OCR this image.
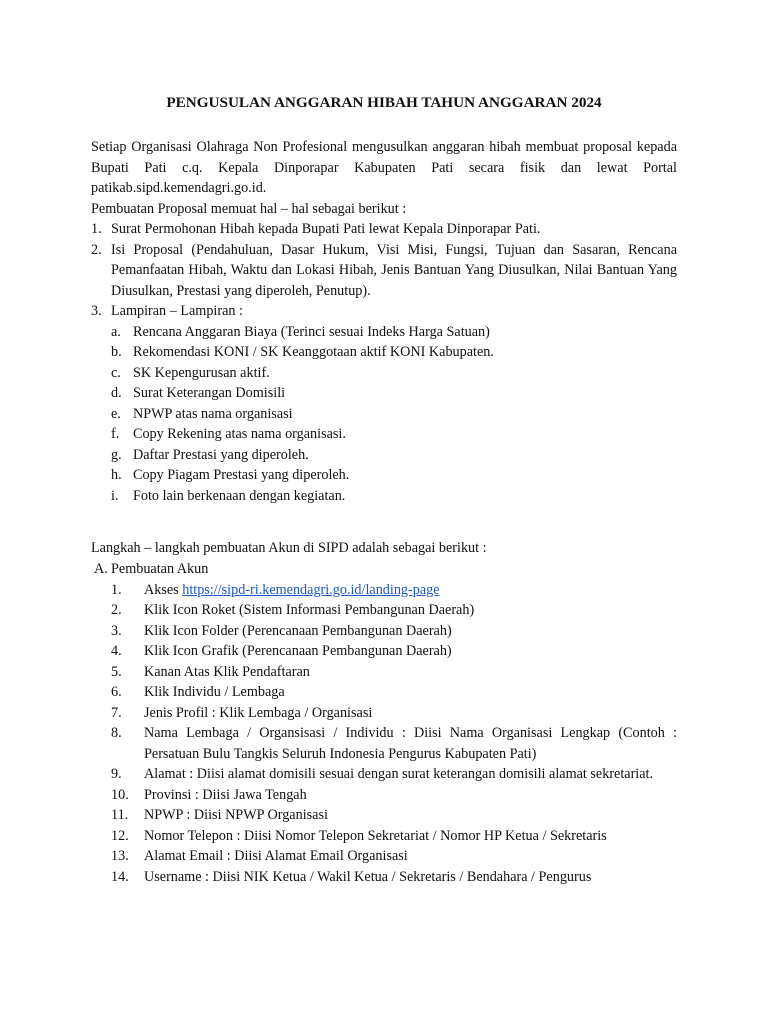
PENGUSULAN ANGGARAN HIBAH TAHUN ANGGARAN 2024
Setiap Organisasi Olahraga Non Profesional mengusulkan anggaran hibah membuat proposal kepada Bupati Pati c.q. Kepala Dinporapar Kabupaten Pati secara fisik dan lewat Portal patikab.sipd.kemendagri.go.id.
Pembuatan Proposal memuat hal – hal sebagai berikut :
1. Surat Permohonan Hibah kepada Bupati Pati lewat Kepala Dinporapar Pati.
2. Isi Proposal (Pendahuluan, Dasar Hukum, Visi Misi, Fungsi, Tujuan dan Sasaran, Rencana Pemanfaatan Hibah, Waktu dan Lokasi Hibah, Jenis Bantuan Yang Diusulkan, Nilai Bantuan Yang Diusulkan, Prestasi yang diperoleh, Penutup).
3. Lampiran – Lampiran :
a. Rencana Anggaran Biaya (Terinci sesuai Indeks Harga Satuan)
b. Rekomendasi KONI / SK Keanggotaan aktif KONI Kabupaten.
c. SK Kepengurusan aktif.
d. Surat Keterangan Domisili
e. NPWP atas nama organisasi
f. Copy Rekening atas nama organisasi.
g. Daftar Prestasi yang diperoleh.
h. Copy Piagam Prestasi yang diperoleh.
i. Foto lain berkenaan dengan kegiatan.
Langkah – langkah pembuatan Akun di SIPD adalah sebagai berikut :
A. Pembuatan Akun
1.	Akses https://sipd-ri.kemendagri.go.id/landing-page
2.	Klik Icon Roket (Sistem Informasi Pembangunan Daerah)
3.	Klik Icon Folder (Perencanaan Pembangunan Daerah)
4.	Klik Icon Grafik (Perencanaan Pembangunan Daerah)
5.	Kanan Atas Klik Pendaftaran
6.	Klik Individu / Lembaga
7.	Jenis Profil : Klik Lembaga / Organisasi
8.	Nama Lembaga / Organsisasi / Individu : Diisi Nama Organisasi Lengkap (Contoh : Persatuan Bulu Tangkis Seluruh Indonesia Pengurus Kabupaten Pati)
9.	Alamat : Diisi alamat domisili sesuai dengan surat keterangan domisili alamat sekretariat.
10.	Provinsi : Diisi Jawa Tengah
11.	NPWP : Diisi NPWP Organisasi
12.	Nomor Telepon : Diisi Nomor Telepon Sekretariat / Nomor HP Ketua / Sekretaris
13.	Alamat Email : Diisi Alamat Email Organisasi
14.	Username : Diisi NIK Ketua / Wakil Ketua / Sekretaris / Bendahara / Pengurus
